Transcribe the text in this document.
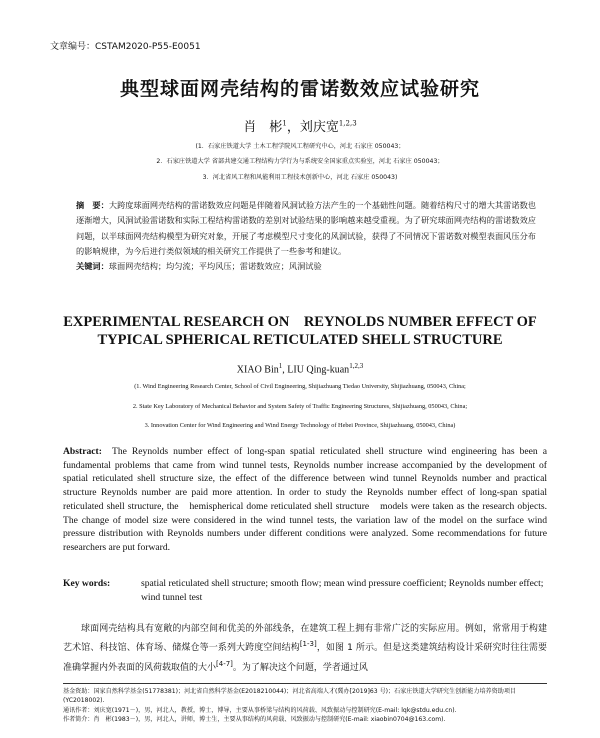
文章编号：CSTAM2020-P55-E0051
典型球面网壳结构的雷诺数效应试验研究
肖　彬$^1$，刘庆宽$^{1,2,3}$
(1．石家庄铁道大学 土木工程学院风工程研究中心，河北 石家庄 050043；
2．石家庄铁道大学 省部共建交通工程结构力学行为与系统安全国家重点实验室，河北 石家庄 050043；
3．河北省风工程和风能利用工程技术创新中心，河北 石家庄 050043)
摘　要：大跨度球面网壳结构的雷诺数效应问题是伴随着风洞试验方法产生的一个基础性问题。随着结构尺寸的增大其雷诺数也逐渐增大，风洞试验雷诺数和实际工程结构雷诺数的差别对试验结果的影响越来越受重视。为了研究球面网壳结构的雷诺数效应问题，以半球面网壳结构模型为研究对象，开展了考虑模型尺寸变化的风洞试验，获得了不同情况下雷诺数对模型表面风压分布的影响规律，为今后进行类似领域的相关研究工作提供了一些参考和建议。
关键词：球面网壳结构；均匀流；平均风压；雷诺数效应；风洞试验
EXPERIMENTAL RESEARCH ON　REYNOLDS NUMBER EFFECT OF
TYPICAL SPHERICAL RETICULATED SHELL STRUCTURE
XIAO Bin$^1$, LIU Qing-kuan$^{1,2,3}$
(1. Wind Engineering Research Center, School of Civil Engineering, Shijiazhuang Tiedao University, Shijiazhuang, 050043, China;
2. State Key Laboratory of Mechanical Behavior and System Safety of Traffic Engineering Structures, Shijiazhuang, 050043, China;
3. Innovation Center for Wind Engineering and Wind Energy Technology of Hebei Province, Shijiazhuang, 050043, China)
Abstract: The Reynolds number effect of long-span spatial reticulated shell structure wind engineering has been a fundamental problems that came from wind tunnel tests, Reynolds number increase accompanied by the development of spatial reticulated shell structure size, the effect of the difference between wind tunnel Reynolds number and practical structure Reynolds number are paid more attention. In order to study the Reynolds number effect of long-span spatial reticulated shell structure, the　hemispherical dome reticulated shell structure　models were taken as the research objects. The change of model size were considered in the wind tunnel tests, the variation law of the model on the surface wind pressure distribution with Reynolds numbers under different conditions were analyzed. Some recommendations for future researchers are put forward.
Key words:	spatial reticulated shell structure; smooth flow; mean wind pressure coefficient; Reynolds number effect; wind tunnel test
球面网壳结构具有宽敞的内部空间和优美的外部线条，在建筑工程上拥有非常广泛的实际应用。例如，常常用于构建艺术馆、科技馆、体育场、储煤仓等一系列大跨度空间结构[1-3]，如图 1 所示。但是这类建筑结构设计采研究时往往需要准确掌握内外表面的风荷载取值的大小[4-7]。为了解决这个问题，学者通过风

基金资助：国家自然科学基金(51778381)；河北省自然科学基金(E2018210044)；河北省高端人才(冀办[2019]63 号)；石家庄铁道大学研究生创新能力培养资助项目(YC2018002).

通讯作者：刘庆宽(1971－)，男，河北人，教授，博士，博导，主要从事桥梁与结构的风荷载、风致振动与控制研究(E-mail: lqk@stdu.edu.cn).

作者简介：肖　彬(1983－)，男，河北人，讲师，博士生，主要从事结构的风荷载、风致振动与控制研究(E-mail: xiaobin0704@163.com).
